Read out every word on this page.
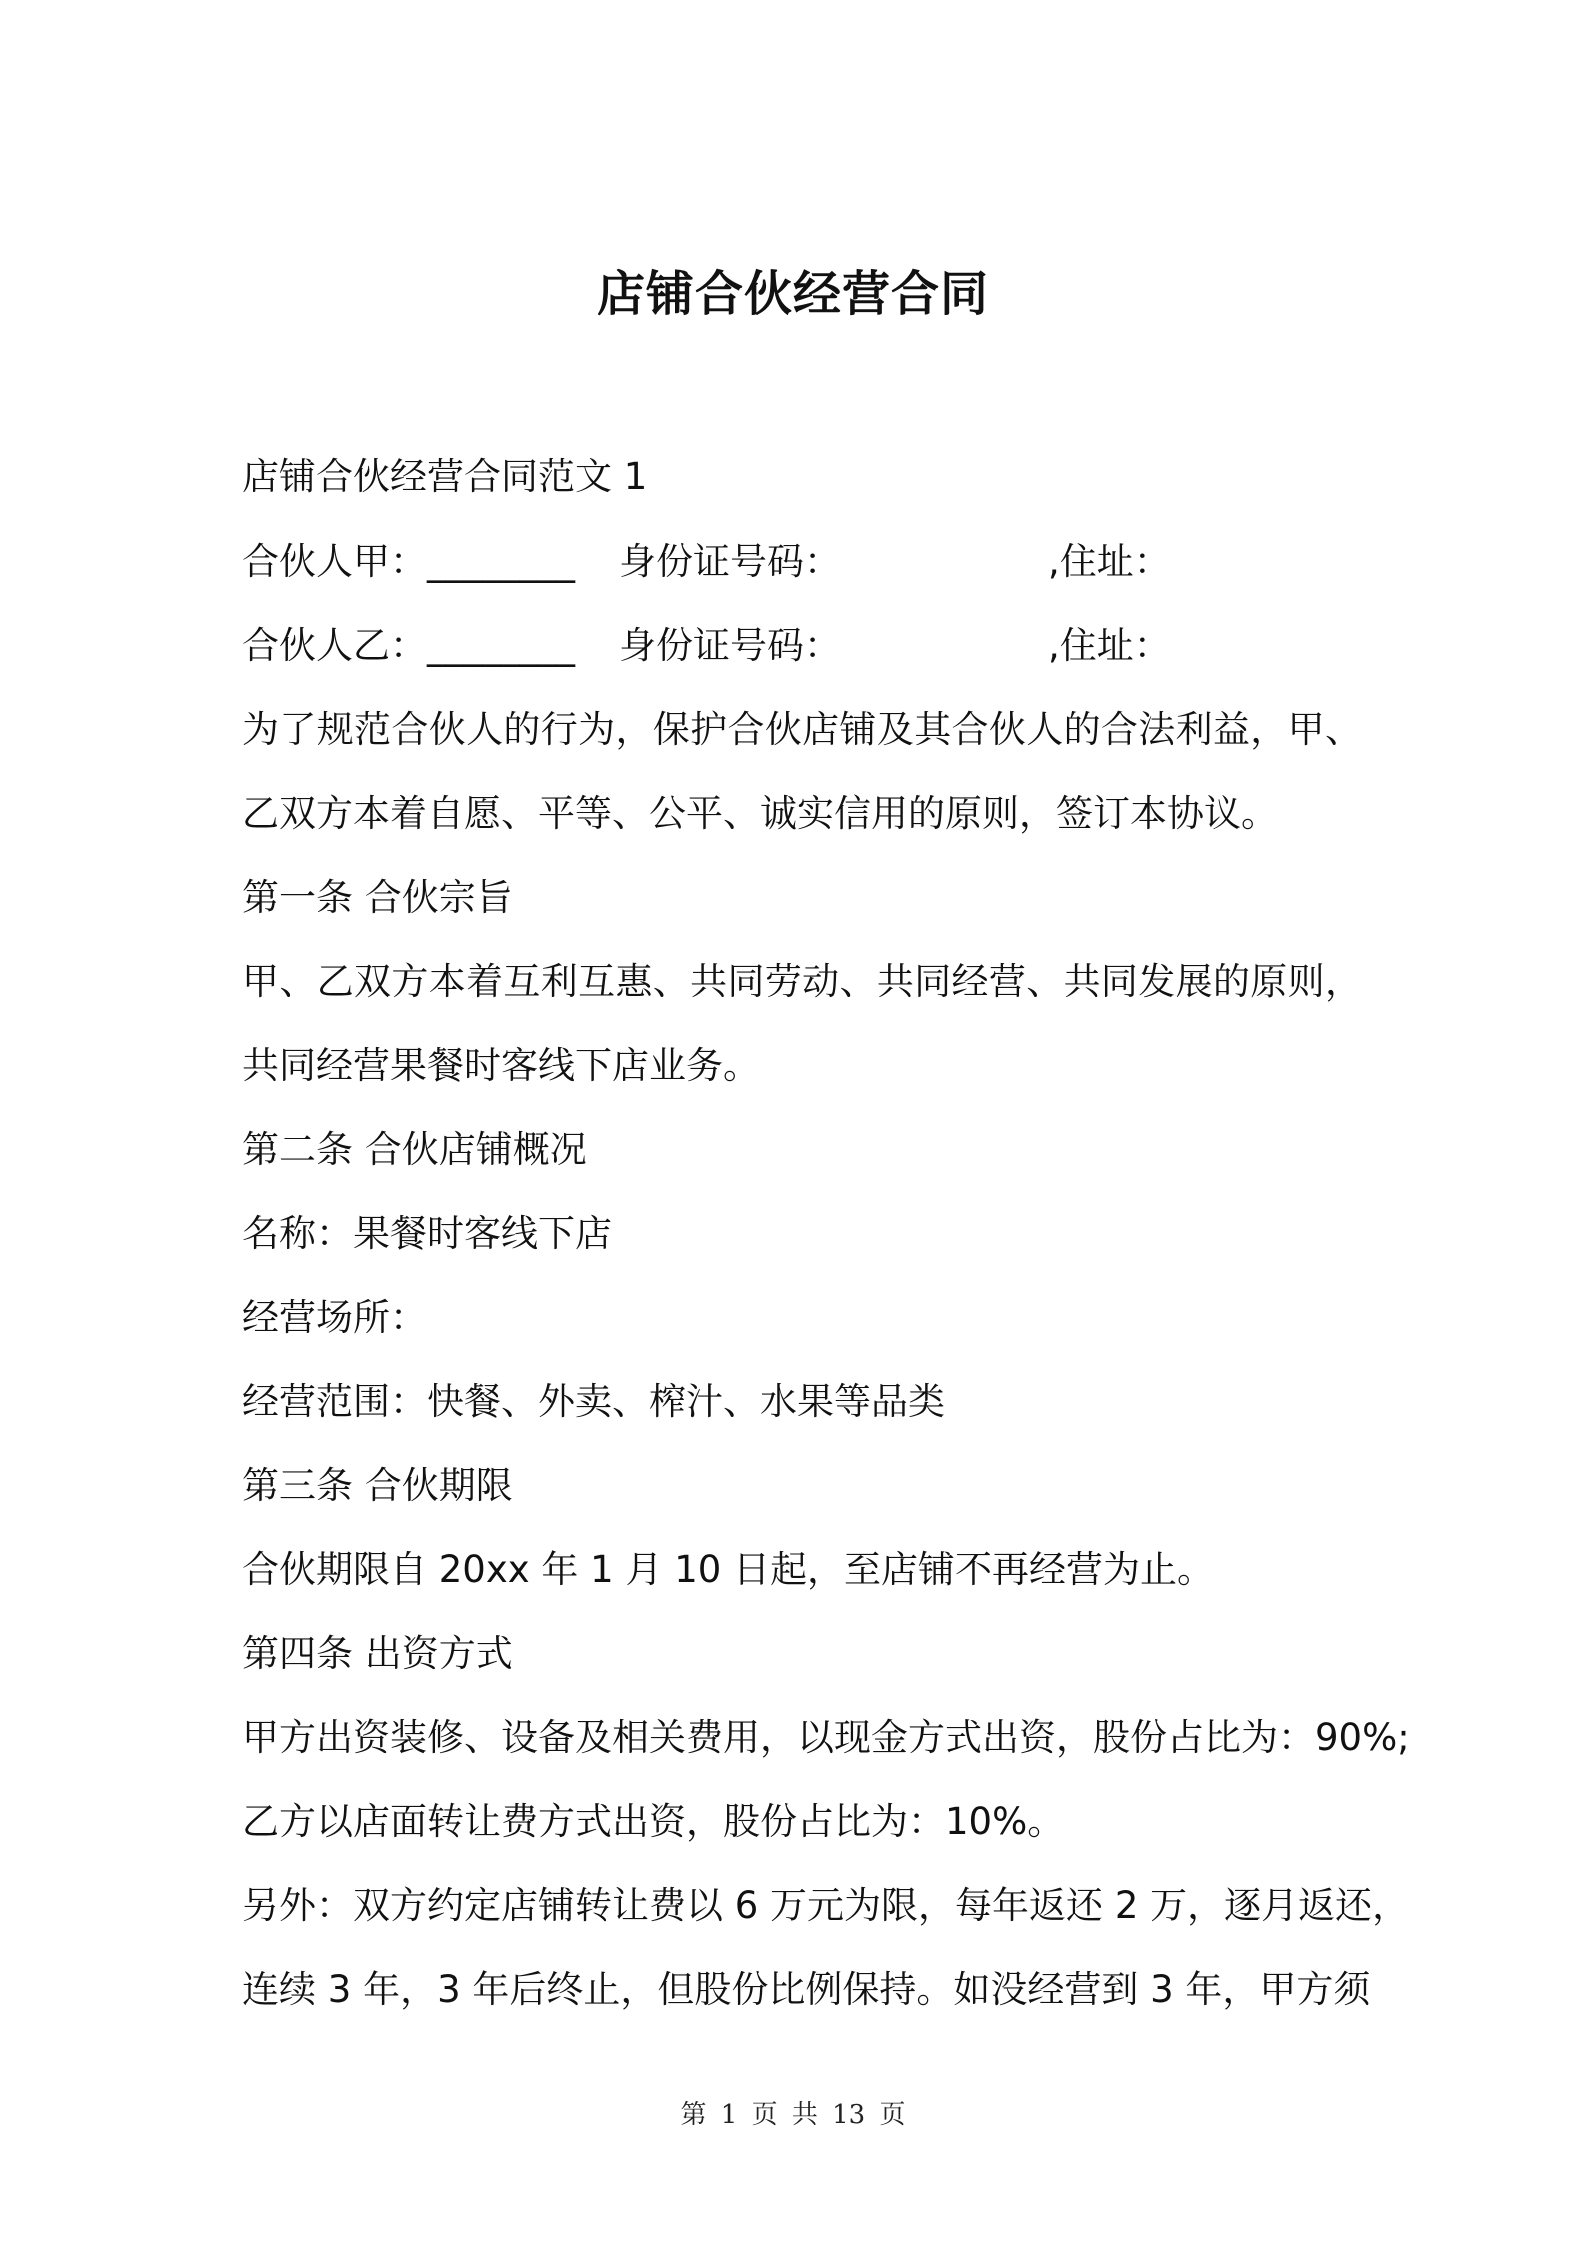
店铺合伙经营合同
店铺合伙经营合同范文 1
合伙人甲：________ 身份证号码：	,住址：
合伙人乙：________ 身份证号码：	,住址：
为了规范合伙人的行为，保护合伙店铺及其合伙人的合法利益，甲、
乙双方本着自愿、平等、公平、诚实信用的原则，签订本协议。
第一条 合伙宗旨
甲、乙双方本着互利互惠、共同劳动、共同经营、共同发展的原则，
共同经营果餐时客线下店业务。
第二条 合伙店铺概况
名称：果餐时客线下店
经营场所：
经营范围：快餐、外卖、榨汁、水果等品类
第三条 合伙期限
合伙期限自 20xx 年 1 月 10 日起，至店铺不再经营为止。
第四条 出资方式
甲方出资装修、设备及相关费用，以现金方式出资，股份占比为：90%;
乙方以店面转让费方式出资，股份占比为：10%。
另外：双方约定店铺转让费以 6 万元为限，每年返还 2 万，逐月返还，
连续 3 年，3 年后终止，但股份比例保持。如没经营到 3 年，甲方须
第 1 页 共 13 页
